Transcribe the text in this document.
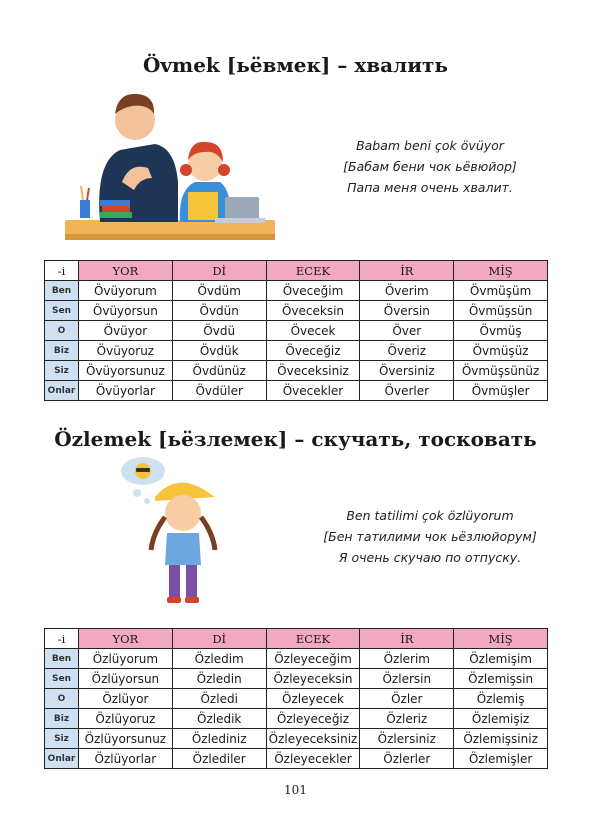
Övmek [ьёвмек] – хвалить
Babam beni çok övüyor
[Бабам бени чок ьёвюйор]
Папа меня очень хвалит.
-i	YOR	Dİ	ECEK	İR	MİŞ
Ben	Övüyorum	Övdüm	Öveceğim	Överim	Övmüşüm
Sen	Övüyorsun	Övdün	Öveceksin	Översin	Övmüşsün
O	Övüyor	Övdü	Övecek	Över	Övmüş
Biz	Övüyoruz	Övdük	Öveceğiz	Överiz	Övmüşüz
Siz	Övüyorsunuz	Övdünüz	Öveceksiniz	Översiniz	Övmüşsünüz
Onlar	Övüyorlar	Övdüler	Övecekler	Överler	Övmüşler
Özlemek [ьёзлемек] – скучать, тосковать
Ben tatilimi çok özlüyorum
[Бен татилими чок ьёзлюйорум]
Я очень скучаю по отпуску.
-i	YOR	Dİ	ECEK	İR	MİŞ
Ben	Özlüyorum	Özledim	Özleyeceğim	Özlerim	Özlemişim
Sen	Özlüyorsun	Özledin	Özleyeceksin	Özlersin	Özlemişsin
O	Özlüyor	Özledi	Özleyecek	Özler	Özlemiş
Biz	Özlüyoruz	Özledik	Özleyeceğiz	Özleriz	Özlemişiz
Siz	Özlüyorsunuz	Özlediniz	Özleyeceksiniz	Özlersiniz	Özlemişsiniz
Onlar	Özlüyorlar	Özlediler	Özleyecekler	Özlerler	Özlemişler
101
